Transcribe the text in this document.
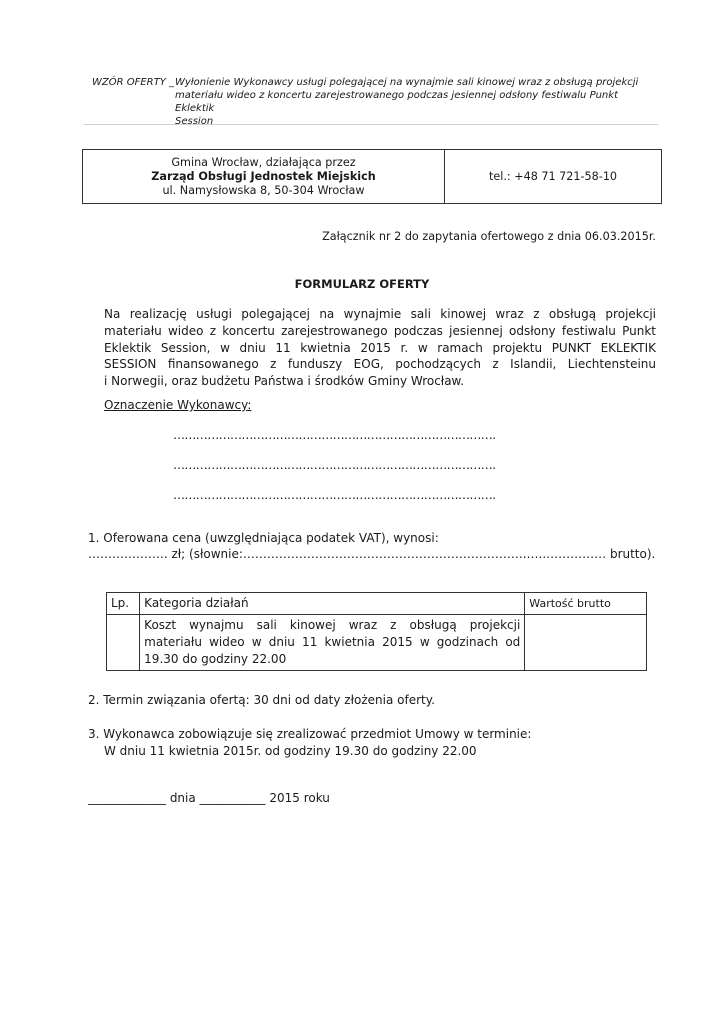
WZÓR OFERTY _ Wyłonienie Wykonawcy usługi polegającej na wynajmie sali kinowej wraz z obsługą projekcji
materiału wideo z koncertu zarejestrowanego podczas jesiennej odsłony festiwalu Punkt Eklektik
Session
Gmina Wrocław, działająca przez
Zarząd Obsługi Jednostek Miejskich
ul. Namysłowska 8, 50-304 Wrocław
tel.: +48 71 721-58-10
Załącznik nr 2 do zapytania ofertowego z dnia 06.03.2015r.
FORMULARZ OFERTY
Na realizację usługi polegającej na wynajmie sali kinowej wraz z obsługą projekcji
materiału wideo z koncertu zarejestrowanego podczas jesiennej odsłony festiwalu Punkt
Eklektik Session, w dniu 11 kwietnia 2015 r. w ramach projektu PUNKT EKLEKTIK
SESSION finansowanego z funduszy EOG, pochodzących z Islandii, Liechtensteinu
i Norwegii, oraz budżetu Państwa i środków Gminy Wrocław.
Oznaczenie Wykonawcy:
………………………………………………………………………….
………………………………………………………………………….
………………………………………………………………………….
1. Oferowana cena (uwzględniająca podatek VAT), wynosi:
……….………. zł; (słownie:……………………………………………………………..…..…………… brutto).
Lp.	Kategoria działań	Wartość brutto

	Koszt wynajmu sali kinowej wraz z obsługą projekcji
materiału wideo w dniu 11 kwietnia 2015 w godzinach od
19.30 do godziny 22.00	

2. Termin związania ofertą: 30 dni od daty złożenia oferty.
3. Wykonawca zobowiązuje się zrealizować przedmiot Umowy w terminie:
W dniu 11 kwietnia 2015r. od godziny 19.30 do godziny 22.00
_____________ dnia ___________ 2015 roku
